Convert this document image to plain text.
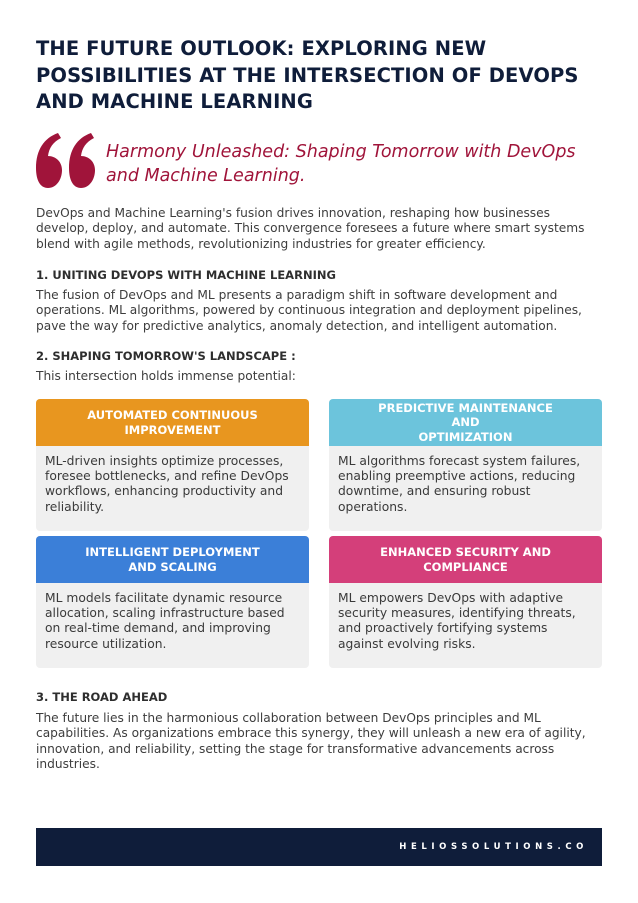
THE FUTURE OUTLOOK: EXPLORING NEW POSSIBILITIES AT THE INTERSECTION OF DEVOPS AND MACHINE LEARNING

Harmony Unleashed: Shaping Tomorrow with DevOps and Machine Learning.

DevOps and Machine Learning's fusion drives innovation, reshaping how businesses develop, deploy, and automate. This convergence foresees a future where smart systems blend with agile methods, revolutionizing industries for greater efficiency.

1. UNITING DEVOPS WITH MACHINE LEARNING

The fusion of DevOps and ML presents a paradigm shift in software development and operations. ML algorithms, powered by continuous integration and deployment pipelines, pave the way for predictive analytics, anomaly detection, and intelligent automation.

2. SHAPING TOMORROW'S LANDSCAPE :

This intersection holds immense potential:

AUTOMATED CONTINUOUS
IMPROVEMENT
ML-driven insights optimize processes, foresee bottlenecks, and refine DevOps workflows, enhancing productivity and reliability.
PREDICTIVE MAINTENANCE AND
OPTIMIZATION
ML algorithms forecast system failures, enabling preemptive actions, reducing downtime, and ensuring robust operations.
INTELLIGENT DEPLOYMENT
AND SCALING
ML models facilitate dynamic resource allocation, scaling infrastructure based on real-time demand, and improving resource utilization.
ENHANCED SECURITY AND
COMPLIANCE
ML empowers DevOps with adaptive security measures, identifying threats, and proactively fortifying systems against evolving risks.
3. THE ROAD AHEAD

The future lies in the harmonious collaboration between DevOps principles and ML capabilities. As organizations embrace this synergy, they will unleash a new era of agility, innovation, and reliability, setting the stage for transformative advancements across industries.

HELIOSSOLUTIONS.CO
